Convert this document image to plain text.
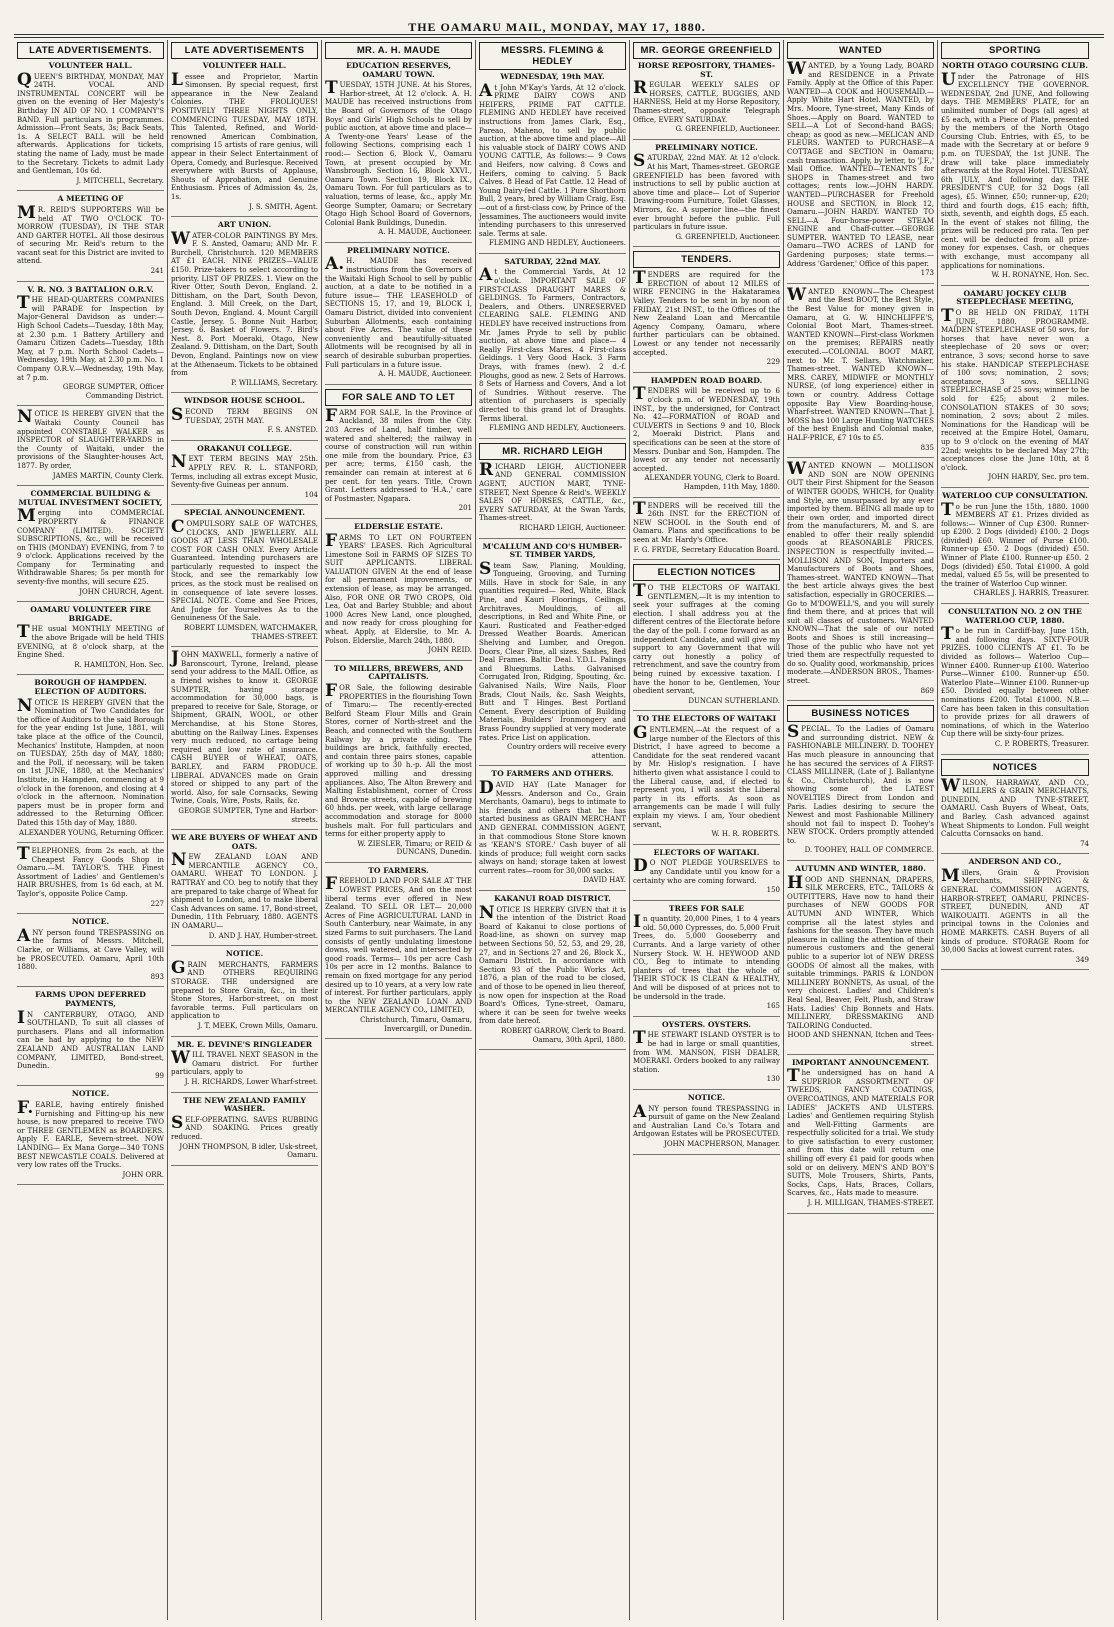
THE OAMARU MAIL, MONDAY, MAY 17, 1880.
LATE ADVERTISEMENTS.
VOLUNTEER HALL.

QUEEN'S BIRTHDAY, MONDAY, MAY 24TH. VOCAL AND INSTRUMENTAL CONCERT will be given on the evening of Her Majesty's Birthday IN AID OF NO. 1 COMPANY'S BAND. Full particulars in programmes. Admission—Front Seats, 3s; Back Seats, 1s. A SELECT BALL will be held afterwards. Applications for tickets, stating the name of Lady, must be made to the Secretary. Tickets to admit Lady and Gentleman, 10s 6d.

J. MITCHELL, Secretary.

A MEETING OF

MR. REID'S SUPPORTERS Will be held AT TWO O'CLOCK TO-MORROW (TUESDAY), IN THE STAR AND GARTER HOTEL. All those desirous of securing Mr. Reid's return to the vacant seat for this District are invited to attend.

241

V. R. NO. 3 BATTALION O.R.V.

THE HEAD-QUARTERS COMPANIES will PARADE for Inspection by Major-General Davidson as under:— High School Cadets—Tuesday, 18th May, at 2.30 p.m. 1 Battery Artillery and Oamaru Citizen Cadets—Tuesday, 18th May, at 7 p.m. North School Cadets—Wednesday, 19th May, at 2.30 p.m. No. 1 Company O.R.V.—Wednesday, 19th May, at 7 p.m.

GEORGE SUMPTER, Officer Commanding District.

NOTICE IS HEREBY GIVEN that the Waitaki County Council has appointed CONSTABLE WALKER as INSPECTOR of SLAUGHTER-YARDS in the County of Waitaki, under the provisions of the Slaughter-houses Act, 1877. By order,

JAMES MARTIN, County Clerk.

COMMERCIAL BUILDING & MUTUAL INVESTMENT SOCIETY,

Merging into COMMERCIAL PROPERTY & FINANCE COMPANY (LIMITED). SOCIETY SUBSCRIPTIONS, &c., will be received on THIS (MONDAY) EVENING, from 7 to 9 o'clock. Applications received by the Company for Terminating and Withdrawable Shares; 5s per month for seventy-five months, will secure £25.

JOHN CHURCH, Agent.

OAMARU VOLUNTEER FIRE BRIGADE.

THE usual MONTHLY MEETING of the above Brigade will be held THIS EVENING, at 8 o'clock sharp, at the Engine Shed.

R. HAMILTON, Hon. Sec.

BOROUGH OF HAMPDEN. ELECTION OF AUDITORS.

NOTICE IS HEREBY GIVEN that the Nomination of Two Candidates for the office of Auditors to the said Borough for the year ending 1st June, 1881, will take place at the office of the Council, Mechanics' Institute, Hampden, at noon on TUESDAY, 25th day of MAY, 1880; and the Poll, if necessary, will be taken on 1st JUNE, 1880, at the Mechanics' Institute, in Hampden, commencing at 9 o'clock in the forenoon, and closing at 4 o'clock in the afternoon. Nomination papers must be in proper form and addressed to the Returning Officer. Dated this 15th day of May, 1880.

ALEXANDER YOUNG, Returning Officer.

TELEPHONES, from 2s each, at the Cheapest Fancy Goods Shop in Oamaru.—M. TAYLOR'S. THE Finest Assortment of Ladies' and Gentlemen's HAIR BRUSHES, from 1s 6d each, at M. Taylor's, opposite Police Camp.

227

NOTICE.

ANY person found TRESPASSING on the farms of Messrs. Mitchell, Clarke, or Williams, at Cave Valley, will be PROSECUTED. Oamaru, April 10th 1880.

893

FARMS UPON DEFERRED PAYMENTS,

IN CANTERBURY, OTAGO, AND SOUTHLAND, To suit all classes of purchasers. Plans and all information can be had by applying to the NEW ZEALAND AND AUSTRALIAN LAND COMPANY, LIMITED, Bond-street, Dunedin.

99

NOTICE.

F.EARLE, having entirely finished Furnishing and Fitting-up his new house, is now prepared to receive TWO or THREE GENTLEMEN as BOARDERS. Apply F. EARLE, Severn-street. NOW LANDING— Ex Mana Gorge—340 TONS BEST NEWCASTLE COALS. Delivered at very low rates off the Trucks.

JOHN ORR.

LATE ADVERTISEMENTS
VOLUNTEER HALL.

Lessee and Proprietor, Martin Simonsen. By special request, first appearance in the New Zealand Colonies. THE FROLIQUES! POSITIVELY THREE NIGHTS ONLY, COMMENCING TUESDAY, MAY 18TH. This Talented, Refined, and World-renowned American Combination, comprising 15 artists of rare genius, will appear in their Select Entertainment of Opera, Comedy, and Burlesque. Received everywhere with Bursts of Applause, Shouts of Approbation, and Genuine Enthusiasm. Prices of Admission 4s, 2s, 1s.

J. S. SMITH, Agent.

ART UNION.

WATER-COLOR PAINTINGS BY Mrs. F. S. Ansted, Oamaru; AND Mr. F. Burchell, Christchurch. 120 MEMBERS AT £1 EACH. NINE PRIZES—VALUE £150. Prize-takers to select according to priority. LIST OF PRIZES. 1. View on the River Otter, South Devon, England. 2. Dittisham, on the Dart, South Devon, England. 3. Mill Creek, on the Dart, South Devon, England. 4. Mount Cargill Castle, Jersey. 5. Bonne Nuit Harbor, Jersey. 6. Basket of Flowers. 7. Bird's Nest. 8. Port Moeraki, Otago, New Zealand. 9. Dittisham, on the Dart, South Devon, England. Paintings now on view at the Athenaeum. Tickets to be obtained from

P. WILLIAMS, Secretary.

WINDSOR HOUSE SCHOOL.

SECOND TERM BEGINS ON TUESDAY, 25TH MAY.

F. S. ANSTED.

ORAKANUI COLLEGE.

NEXT TERM BEGINS MAY 25th. APPLY REV. R. L. STANFORD, Terms, including all extras except Music, Seventy-five Guineas per annum.

104

SPECIAL ANNOUNCEMENT.

COMPULSORY SALE OF WATCHES, CLOCKS, AND JEWELLERY. ALL GOODS AT LESS THAN WHOLESALE COST FOR CASH ONLY. Every Article Guaranteed. Intending purchasers are particularly requested to inspect the Stock, and see the remarkably low prices, as the stock must be realised on in consequence of late severe losses. SPECIAL NOTE. Come and See Prices, And Judge for Yourselves As to the Genuineness Of the Sale.

ROBERT LUMSDEN, WATCHMAKER, THAMES-STREET.

JOHN MAXWELL, formerly a native of Baronscourt, Tyrone, Ireland, please send your address to the MAIL Office, as a friend wishes to know it. GEORGE SUMPTER, having storage accommodation for 30,000 bags, is prepared to receive for Sale, Storage, or Shipment, GRAIN, WOOL, or other Merchandise, at his Stone Stores, abutting on the Railway Lines. Expenses very much reduced, no cartage being required and low rate of insurance. CASH BUYER of WHEAT, OATS, BARLEY, and FARM PRODUCE. LIBERAL ADVANCES made on Grain stored or shipped to any part of the world. Also, for sale Cornsacks, Sewing Twine, Coals, Wire, Posts, Rails, &c.

GEORGE SUMPTER, Tyne and Harbor-streets.

WE ARE BUYERS OF WHEAT AND OATS.

NEW ZEALAND LOAN AND MERCANTILE AGENCY CO., OAMARU. WHEAT TO LONDON. J. RATTRAY and CO. beg to notify that they are prepared to take charge of Wheat for shipment to London, and to make liberal Cash Advances on same. 17, Bond-street, Dunedin, 11th February, 1880. AGENTS IN OAMARU—

D. AND J. HAY, Humber-street.

NOTICE.

GRAIN MERCHANTS, FARMERS AND OTHERS REQUIRING STORAGE. THE undersigned are prepared to Store Grain, &c., in their Stone Stores, Harbor-street, on most favorable terms. Full particulars on application to

J. T. MEEK, Crown Mills, Oamaru.

MR. E. DEVINE'S RINGLEADER

WILL TRAVEL NEXT SEASON in the Oamaru district. For further particulars, apply to

J. H. RICHARDS, Lower Wharf-street.

THE NEW ZEALAND FAMILY WASHER.

SELF-OPERATING. SAVES RUBBING AND SOAKING. Prices greatly reduced.

JOHN THOMPSON, B idler, Usk-street, Oamaru.

MR. A. H. MAUDE
EDUCATION RESERVES, OAMARU TOWN.

TUESDAY, 15TH JUNE. At his Stores, Harbor-street, At 12 o'clock. A. H. MAUDE has received instructions from the Board of Governors of the Otago Boys' and Girls' High Schools to sell by public auction, at above time and place— A Twenty-one Years' Lease of the following Sections, comprising each 1 rood:— Section 6, Block V., Oamaru Town, at present occupied by Mr. Wansbrough. Section 16, Block XXVI., Oamaru Town. Section 19, Block IX., Oamaru Town. For full particulars as to valuation, terms of lease, &c., apply Mr. George Sumpter, Oamaru; or Secretary Otago High School Board of Governors, Colonial Bank Buildings, Dunedin.

A. H. MAUDE, Auctioneer.

PRELIMINARY NOTICE.

A.H. MAUDE has received instructions from the Governors of the Waitaki High School to sell by public auction, at a date to be notified in a future issue— THE LEASEHOLD of SECTIONS 15, 17, and 19, BLOCK I, Oamaru District, divided into convenient Suburban Allotments, each containing about Five Acres. The value of these conveniently and beautifully-situated Allotments will be recognised by all in search of desirable suburban properties. Full particulars in a future issue.

A. H. MAUDE, Auctioneer.

FOR SALE AND TO LET

FARM FOR SALE, In the Province of Auckland, 38 miles from the City. 203 Acres of Land, half timber, well watered and sheltered; the railway in course of construction will run within one mile from the boundary. Price, £3 per acre; terms, £150 cash, the remainder can remain at interest at 6 per cent. for ten years. Title, Crown Grant. Letters addressed to 'H.A.,' care of Postmaster, Ngapara.

201

ELDERSLIE ESTATE.

FARMS TO LET ON FOURTEEN YEARS' LEASES. Rich Agricultural Limestone Soil in FARMS OF SIZES TO SUIT APPLICANTS. LIBERAL VALUATION GIVEN At the end of lease for all permanent improvements, or extension of lease, as may be arranged. Also, FOR ONE OR TWO CROPS, Old Lea, Oat and Barley Stubble; and about 1000 Acres New Land, once ploughed, and now ready for cross ploughing for wheat. Apply, at Elderslie, to Mr. A. Polson. Elderslie, March 24th, 1880.

JOHN REID.

TO MILLERS, BREWERS, AND CAPITALISTS.

FOR Sale, the following desirable PROPERTIES in the flourishing Town of Timaru:— The recently-erected Belford Steam Flour Mills and Grain Stores, corner of North-street and the Beach, and connected with the Southern Railway by a private siding. The buildings are brick, faithfully erected, and contain three pairs stones, capable of working up to 30 h.-p. All the most approved milling and dressing appliances. Also, The Alton Brewery and Malting Establishment, corner of Cross and Browne streets, capable of brewing 60 hhds. per week, with large cellarage accommodation and storage for 8000 bushels malt. For full particulars and terms for either property apply to

W. ZIESLER, Timaru; or REID & DUNCANS, Dunedin.

TO FARMERS.

FREEHOLD LAND FOR SALE AT THE LOWEST PRICES, And on the most liberal terms ever offered in New Zealand. TO SELL OR LET— 20,000 Acres of Fine AGRICULTURAL LAND in South Canterbury, near Waimate, in any sized Farms to suit purchasers. The Land consists of gently undulating limestone downs, well watered, and intersected by good roads. Terms— 10s per acre Cash 10s per acre in 12 months. Balance to remain on fixed mortgage for any period desired up to 10 years, at a very low rate of interest. For further particulars, apply to the NEW ZEALAND LOAN AND MERCANTILE AGENCY CO., LIMITED,

Christchurch, Timaru, Oamaru, Invercargill, or Dunedin.

MESSRS. FLEMING & HEDLEY
WEDNESDAY, 19th MAY.

At John M'Kay's Yards, At 12 o'clock. PRIME DAIRY COWS AND HEIFERS, PRIME FAT CATTLE. FLEMING AND HEDLEY have received instructions from James Clark, Esq., Pareao, Maheno, to sell by public auction, at the above time and place—All his valuable stock of DAIRY COWS AND YOUNG CATTLE, As follows:— 9 Cows and Heifers, now calving. 8 Cows and Heifers, coming to calving. 5 Back Calves. 8 Head of Fat Cattle. 12 Head of Young Dairy-fed Cattle. 1 Pure Shorthorn Bull, 2 years, bred by William Craig, Esq.—out of a first-class cow, by Prince of the Jessamines. The auctioneers would invite intending purchasers to this unreserved sale. Terms at sale.

FLEMING AND HEDLEY, Auctioneers.

SATURDAY, 22nd MAY.

At the Commercial Yards, At 12 o'clock. IMPORTANT SALE OF FIRST-CLASS DRAUGHT MARES & GELDINGS. To Farmers, Contractors, Dealers, and Others. UNRESERVED CLEARING SALE. FLEMING AND HEDLEY have received instructions from Mr. James Pryde to sell by public auction, at above time and place— 4 Really First-class Mares. 4 First-class Geldings. 1 Very Good Hack. 3 Farm Drays, with frames (new). 2 d.-f. Ploughs, good as new. 2 Sets of Harrows. 8 Sets of Harness and Covers, And a lot of Sundries. Without reserve. The attention of purchasers is specially directed to this grand lot of Draughts. Terms liberal.

FLEMING AND HEDLEY, Auctioneers.

MR. RICHARD LEIGH

RICHARD LEIGH, AUCTIONEER AND GENERAL COMMISSION AGENT, AUCTION MART, TYNE-STREET, Next Spence & Reid's. WEEKLY SALES OF HORSES, CATTLE, &c., EVERY SATURDAY, At the Swan Yards, Thames-street.

RICHARD LEIGH, Auctioneer.

M'CALLUM AND CO'S HUMBER-ST. TIMBER YARDS,

Steam Saw, Planing, Moulding, Tongueing, Grooving, and Turning Mills. Have in stock for Sale, in any quantities required— Red, White, Black Pine, and Kauri Floorings, Ceilings, Architraves, Mouldings, of all descriptions, in Red and White Pine, or Kauri. Rusticated and Feather-edged Dressed Weather Boards. American Shelving and Lumber, and Oregon. Doors, Clear Pine, all sizes. Sashes, Red Deal Frames. Baltic Deal. Y.D.L. Palings and Bluegums. Laths. Galvanised Corrugated Iron, Ridging, Spouting, &c. Galvanised Nails, Wire Nails, Floor Brads, Clout Nails, &c. Sash Weights, Butt and T Hinges. Best Portland Cement. Every description of Building Materials, Builders' Ironmongery and Brass Foundry supplied at very moderate rates. Price List on application.

Country orders will receive every attention.

TO FARMERS AND OTHERS.

DAVID HAY (Late Manager for Messrs. Anderson and Co., Grain Merchants, Oamaru), begs to intimate to his friends and others that he has started business as GRAIN MERCHANT AND GENERAL COMMISSION AGENT, in that commodious Stone Store known as 'KEAN'S STORE.' Cash buyer of all kinds of produce; full weight corn sacks always on hand; storage taken at lowest current rates—room for 30,000 sacks.

DAVID HAY.

KAKANUI ROAD DISTRICT.

NOTICE IS HEREBY GIVEN that it is the intention of the District Road Board of Kakanui to close portions of Road-line, as shown on survey map between Sections 50, 52, 53, and 29, 28, 27, and in Sections 27 and 26, Block X., Oamaru District. In accordance with Section 93 of the Public Works Act, 1876, a plan of the road to be closed, and of those to be opened in lieu thereof, is now open for inspection at the Road Board's Offices, Tyne-street, Oamaru, where it can be seen for twelve weeks from date hereof.

ROBERT GARROW, Clerk to Board. Oamaru, 30th April, 1880.

MR. GEORGE GREENFIELD
HORSE REPOSITORY, THAMES-ST.

REGULAR WEEKLY SALES OF HORSES, CATTLE, BUGGIES, AND HARNESS, Held at my Horse Repository, Thames-street, opposite Telegraph Office, EVERY SATURDAY.

G. GREENFIELD, Auctioneer.

PRELIMINARY NOTICE.

SATURDAY, 22nd MAY. At 12 o'clock. At his Mart, Thames-street. GEORGE GREENFIELD has been favored with instructions to sell by public auction at above time and place— Lot of Superior Drawing-room Furniture, Toilet Glasses, Mirrors, &c. A superior line—the finest ever brought before the public. Full particulars in future issue.

G. GREENFIELD, Auctioneer.

TENDERS.

TENDERS are required for the ERECTION of about 12 MILES of WIRE FENCING in the Hakataramea Valley. Tenders to be sent in by noon of FRIDAY, 21st INST., to the Offices of the New Zealand Loan and Mercantile Agency Company, Oamaru, where further particulars can be obtained. Lowest or any tender not necessarily accepted.

229

HAMPDEN ROAD BOARD.

TENDERS will be received up to 6 o'clock p.m. of WEDNESDAY, 19th INST., by the undersigned, for Contract No. 42—FORMATION of ROAD and CULVERTS in Sections 9 and 10, Block 2, Moeraki District. Plans and specifications can be seen at the store of Messrs. Dunbar and Son, Hampden. The lowest or any tender not necessarily accepted.

ALEXANDER YOUNG, Clerk to Board. Hampden, 11th May, 1880.

TENDERS will be received till the 26th INST. for the ERECTION of NEW SCHOOL in the South end of Oamaru. Plans and specifications to be seen at Mr. Hardy's Office.

F. G. FRYDE, Secretary Education Board.

ELECTION NOTICES

TO THE ELECTORS OF WAITAKI. GENTLEMEN,—It is my intention to seek your suffrages at the coming election. I shall address you at the different centres of the Electorate before the day of the poll. I come forward as an independent Candidate, and will give my support to any Government that will carry out honestly a policy of retrenchment, and save the country from being ruined by excessive taxation. I have the honor to be, Gentlemen, Your obedient servant,

DUNCAN SUTHERLAND.

TO THE ELECTORS OF WAITAKI

GENTLEMEN,—At the request of a large number of the Electors of this District, I have agreed to become a Candidate for the seat rendered vacant by Mr. Hislop's resignation. I have hitherto given what assistance I could to the Liberal cause, and, if elected to represent you, I will assist the Liberal party in its efforts. As soon as arrangements can be made I will fully explain my views. I am, Your obedient servant,

W. H. R. ROBERTS.

ELECTORS OF WAITAKI.

DO NOT PLEDGE YOURSELVES to any Candidate until you know for a certainty who are coming forward.

150

TREES FOR SALE

In quantity. 20,000 Pines, 1 to 4 years old. 50,000 Cypresses, do. 5,000 Fruit Trees, do. 5,000 Gooseberry and Currants. And a large variety of other Nursery Stock. W. H. HEYWOOD AND CO., Beg to intimate to intending planters of trees that the whole of THEIR STOCK IS CLEAN & HEALTHY, And will be disposed of at prices not to be undersold in the trade.

165

OYSTERS. OYSTERS.

THE STEWART ISLAND OYSTER is to be had in large or small quantities, from WM. MANSON, FISH DEALER, MOERAKI. Orders booked to any railway station.

130

NOTICE.

ANY person found TRESPASSING in pursuit of game on the New Zealand and Australian Land Co.'s Totara and Ardgowan Estates will be PROSECUTED.

JOHN MACPHERSON, Manager.

WANTED

WANTED, by a Young Lady, BOARD and RESIDENCE in a Private Family. Apply at the Office of this Paper. WANTED—A COOK and HOUSEMAID.—Apply White Hart Hotel. WANTED, by Mrs. Moore, Tyne-street, Many Kinds of Shoes.—Apply on Board. WANTED to SELL—A Lot of Second-hand BAGS; cheap; as good as new.—MELICAN AND FLEURS. WANTED to PURCHASE—A COTTAGE and SECTION in Oamaru; cash transaction. Apply, by letter, to 'J.F.,' Mail Office. WANTED—TENANTS for SHOPS in Thames-street and two cottages; rents low.—JOHN HARDY. WANTED—PURCHASER for Freehold HOUSE and SECTION, in Block 12, Oamaru.—JOHN HARDY. WANTED TO SELL—A Four-horse-power STEAM ENGINE and Chaff-cutter.—GEORGE SUMPTER. WANTED TO LEASE, near Oamaru—TWO ACRES of LAND for Gardening purposes; state terms.—Address 'Gardener,' Office of this paper.

173

WANTED KNOWN—The Cheapest and the Best BOOT, the Best Style, the Best Value for money given in Oamaru, at G. W. HINCHLIFFE'S, Colonial Boot Mart, Thames-street. WANTED KNOWN—First-class Workmen on the premises; REPAIRS neatly executed.—COLONIAL BOOT MART, next to Mr. T. Sellars, Watchmaker, Thames-street. WANTED KNOWN—MRS. CAREY, MIDWIFE or MONTHLY NURSE, (of long experience) either in town or country. Address Cottage opposite Bay View Boarding-house, Wharf-street. WANTED KNOWN—That J. MOSS has 100 Large Hunting WATCHES of the best English and Colonial make, HALF-PRICE, £7 10s to £5.

835

WANTED KNOWN — MOLLISON AND SON are NOW OPENING OUT their First Shipment for the Season of WINTER GOODS, WHICH, for Quality and Style, are unsurpassed by any ever imported by them. BEING all made up to their own order, and imported direct from the manufacturers, M. and S. are enabled to offer their really splendid goods at REASONABLE PRICES. INSPECTION is respectfully invited.—MOLLISON AND SON, Importers and Manufacturers of Boots and Shoes, Thames-street. WANTED KNOWN—That the best article always gives the best satisfaction, especially in GROCERIES.—Go to M'DOWELL'S, and you will surely find them there, and at prices that will suit all classes of customers. WANTED KNOWN—That the sale of our noted Boots and Shoes is still increasing—Those of the public who have not yet tried them are respectfully requested to do so. Quality good, workmanship, prices moderate.—ANDERSON BROS., Thames-street.

869

BUSINESS NOTICES

SPECIAL. To the Ladies of Oamaru and surrounding district. NEW & FASHIONABLE MILLINERY. D. TOOHEY Has much pleasure in announcing that he has secured the services of A FIRST-CLASS MILLINER, (Late of J. Ballantyne & Co., Christchurch), And is now showing some of the LATEST NOVELTIES Direct from London and Paris. Ladies desiring to secure the Newest and most Fashionable Millinery should not fail to inspect D. Toohey's NEW STOCK. Orders promptly attended to.

D. TOOHEY, HALL OF COMMERCE.

AUTUMN AND WINTER, 1880.

HOOD AND SHENNAN, DRAPERS, SILK MERCERS, ETC., TAILORS & OUTFITTERS, Have now to hand their purchases of NEW GOODS FOR AUTUMN AND WINTER, Which comprise all the latest styles and fashions for the season. They have much pleasure in calling the attention of their numerous customers and the general public to a superior lot of NEW DRESS GOODS Of almost all the makes, with suitable trimmings. PARIS & LONDON MILLINERY BONNETS, As usual, of the very choicest. Ladies' and Children's Real Seal, Beaver, Felt, Plush, and Straw Hats. Ladies' Chip Bonnets and Hats. MILLINERY, DRESSMAKING AND TAILORING Conducted.

HOOD AND SHENNAN, Itchen and Tees-street.

IMPORTANT ANNOUNCEMENT.

The undersigned has on hand A SUPERIOR ASSORTMENT OF TWEEDS, FANCY COATINGS, OVERCOATINGS, AND MATERIALS FOR LADIES' JACKETS AND ULSTERS. Ladies' and Gentlemen requiring Stylish and Well-Fitting Garments are respectfully solicited for a trial. We study to give satisfaction to every customer, and from this date will return one shilling off every £1 paid for goods when sold or on delivery. MEN'S AND BOY'S SUITS, Mole Trousers, Shirts, Pants, Socks, Caps, Hats, Braces, Collars, Scarves, &c., Hats made to measure.

J. H. MILLIGAN, THAMES-STREET.

SPORTING
NORTH OTAGO COURSING CLUB.

Under the Patronage of HIS EXCELLENCY THE GOVERNOR. WEDNESDAY, 2nd JUNE, And following days. THE MEMBERS' PLATE, for an unlimited number of Dogs (all ages) at £5 each, with a Piece of Plate, presented by the members of the North Otago Coursing Club. Entries, with £5, to be made with the Secretary at or before 9 p.m. on TUESDAY, the 1st JUNE. The draw will take place immediately afterwards at the Royal Hotel. TUESDAY, 6th JULY, And following day. THE PRESIDENT'S CUP, for 32 Dogs (all ages), £5. Winner, £50; runner-up, £20; third and fourth dogs, £15 each; fifth, sixth, seventh, and eighth dogs, £5 each. In the event of stakes not filling, the prizes will be reduced pro rata. Ten per cent. will be deducted from all prize-money for expenses. Cash, or cheques with exchange, must accompany all applications for nominations.

W. H. RONAYNE, Hon. Sec.

OAMARU JOCKEY CLUB STEEPLECHASE MEETING,

TO BE HELD ON FRIDAY, 11TH JUNE, 1880. PROGRAMME. MAIDEN STEEPLECHASE of 50 sovs, for horses that have never won a steeplechase of 20 sovs or over; entrance, 3 sovs; second horse to save his stake. HANDICAP STEEPLECHASE of 100 sovs; nomination, 2 sovs; acceptance, 3 sovs. SELLING STEEPLECHASE of 25 sovs; winner to be sold for £25; about 2 miles. CONSOLATION STAKES of 30 sovs; nomination, 2 sovs; about 2 miles. Nominations for the Handicap will be received at the Empire Hotel, Oamaru, up to 9 o'clock on the evening of MAY 22nd; weights to be declared May 27th; acceptances close the June 10th, at 8 o'clock.

JOHN HARDY, Sec. pro tem.

WATERLOO CUP CONSULTATION.

To be run June the 15th, 1880. 1000 MEMBERS AT £1. Prizes divided as follows:— Winner of Cup £300. Runner-up £200. 2 Dogs (divided) £100. 2 Dogs (divided) £60. Winner of Purse £100. Runner-up £50. 2 Dogs (divided) £50. Winner of Plate £100. Runner-up £50. 2 Dogs (divided) £50. Total £1000. A gold medal, valued £5 5s, will be presented to the trainer of Waterloo Cup winner.

CHARLES J. HARRIS, Treasurer.

CONSULTATION NO. 2 ON THE WATERLOO CUP, 1880.

To be run in Cardiff-bay, June 15th, and following days. SIXTY-FOUR PRIZES. 1000 CLIENTS AT £1. To be divided as follows— Waterloo Cup—Winner £400. Runner-up £100. Waterloo Purse—Winner £100. Runner-up £50. Waterloo Plate—Winner £100. Runner-up £50. Divided equally between other nominations £200. Total £1000. N.B.—Care has been taken in this consultation to provide prizes for all drawers of nominations, of which in the Waterloo Cup there will be sixty-four prizes.

C. P. ROBERTS, Treasurer.

NOTICES

WILSON, HARRAWAY, AND CO., MILLERS & GRAIN MERCHANTS, DUNEDIN, AND TYNE-STREET, OAMARU. Cash Buyers of Wheat, Oats, and Barley. Cash advanced against Wheat Shipments to London. Full weight Calcutta Cornsacks on hand.

74

ANDERSON AND CO.,

Millers, Grain & Provision Merchants, SHIPPING & GENERAL COMMISSION AGENTS, HARBOR-STREET, OAMARU, PRINCES-STREET, DUNEDIN, AND AT WAIKOUAITI. AGENTS in all the principal towns in the Colonies and HOME MARKETS. CASH Buyers of all kinds of produce. STORAGE Room for 30,000 Sacks at lowest current rates.

349
